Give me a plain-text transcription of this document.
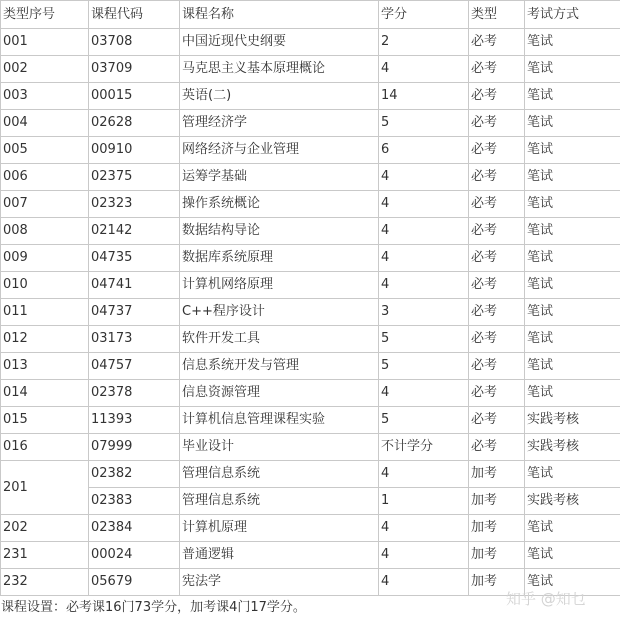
类型序号	课程代码	课程名称	学分	类型	考试方式
001	03708	中国近现代史纲要	2	必考	笔试
002	03709	马克思主义基本原理概论	4	必考	笔试
003	00015	英语(二)	14	必考	笔试
004	02628	管理经济学	5	必考	笔试
005	00910	网络经济与企业管理	6	必考	笔试
006	02375	运筹学基础	4	必考	笔试
007	02323	操作系统概论	4	必考	笔试
008	02142	数据结构导论	4	必考	笔试
009	04735	数据库系统原理	4	必考	笔试
010	04741	计算机网络原理	4	必考	笔试
011	04737	C++程序设计	3	必考	笔试
012	03173	软件开发工具	5	必考	笔试
013	04757	信息系统开发与管理	5	必考	笔试
014	02378	信息资源管理	4	必考	笔试
015	11393	计算机信息管理课程实验	5	必考	实践考核
016	07999	毕业设计	不计学分	必考	实践考核
201	02382	管理信息系统	4	加考	笔试
	02383	管理信息系统	1	加考	实践考核
202	02384	计算机原理	4	加考	笔试
231	00024	普通逻辑	4	加考	笔试
232	05679	宪法学	4	加考	笔试
课程设置：必考课16门73学分，加考课4门17学分。	知乎 @知乜
